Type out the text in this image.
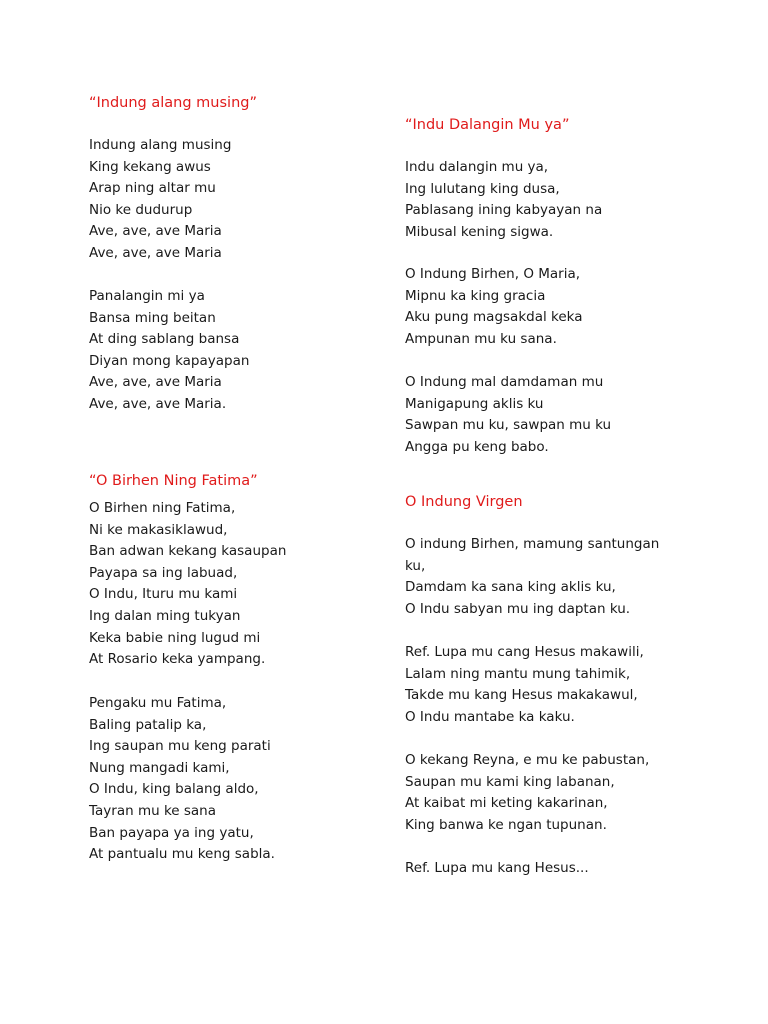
“Indung alang musing”
Indung alang musing
King kekang awus
Arap ning altar mu
Nio ke dudurup
Ave, ave, ave Maria
Ave, ave, ave Maria
Panalangin mi ya
Bansa ming beitan
At ding sablang bansa
Diyan mong kapayapan
Ave, ave, ave Maria
Ave, ave, ave Maria.
“O Birhen Ning Fatima”
O Birhen ning Fatima,
Ni ke makasiklawud,
Ban adwan kekang kasaupan
Payapa sa ing labuad,
O Indu, Ituru mu kami
Ing dalan ming tukyan
Keka babie ning lugud mi
At Rosario keka yampang.
Pengaku mu Fatima,
Baling patalip ka,
Ing saupan mu keng parati
Nung mangadi kami,
O Indu, king balang aldo,
Tayran mu ke sana
Ban payapa ya ing yatu,
At pantualu mu keng sabla.
“Indu Dalangin Mu ya”
Indu dalangin mu ya,
Ing lulutang king dusa,
Pablasang ining kabyayan na
Mibusal kening sigwa.
O Indung Birhen, O Maria,
Mipnu ka king gracia
Aku pung magsakdal keka
Ampunan mu ku sana.
O Indung mal damdaman mu
Manigapung aklis ku
Sawpan mu ku, sawpan mu ku
Angga pu keng babo.
O Indung Virgen
O indung Birhen, mamung santungan ku,
Damdam ka sana king aklis ku,
O Indu sabyan mu ing daptan ku.
Ref. Lupa mu cang Hesus makawili,
Lalam ning mantu mung tahimik,
Takde mu kang Hesus makakawul,
O Indu mantabe ka kaku.
O kekang Reyna, e mu ke pabustan,
Saupan mu kami king labanan,
At kaibat mi keting kakarinan,
King banwa ke ngan tupunan.
Ref. Lupa mu kang Hesus...
